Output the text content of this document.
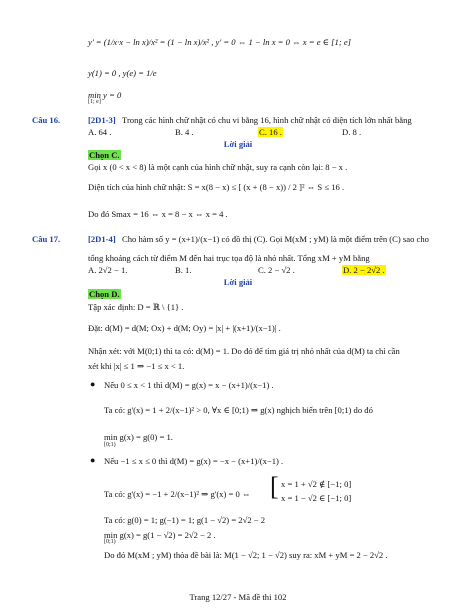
y' = (1/x·x − ln x)/x² = (1 − ln x)/x² , y' = 0 ⇔ 1 − ln x = 0 ⇔ x = e ∈ [1; e]
y(1) = 0 , y(e) = 1/e
min y = 0
[1; e]
Câu 16.	[2D1-3] Trong các hình chữ nhật có chu vi bằng 16, hình chữ nhật có diện tích lớn nhất bằng
A. 64 .	B. 4 .	C. 16 .	D. 8 .
Lời giải
Chọn C.
Gọi x (0 < x < 8) là một cạnh của hình chữ nhật, suy ra cạnh còn lại: 8 − x .
Diện tích của hình chữ nhật: S = x(8 − x) ≤ [ (x + (8 − x)) / 2 ]² ⇔ S ≤ 16 .
Do đó Smax = 16 ⇔ x = 8 − x ⇔ x = 4 .
Câu 17.	[2D1-4] Cho hàm số y = (x+1)/(x−1) có đồ thị (C). Gọi M(xM ; yM) là một điểm trên (C) sao cho
tổng khoảng cách từ điểm M đến hai trục tọa độ là nhỏ nhất. Tổng xM + yM bằng
A. 2√2 − 1.	B. 1.	C. 2 − √2 .	D. 2 − 2√2 .
Lời giải
Chọn D.
Tập xác định: D = ℝ \ {1} .
Đặt: d(M) = d(M; Ox) + d(M; Oy) = |x| + |(x+1)/(x−1)| .
Nhận xét: với M(0;1) thì ta có: d(M) = 1. Do đó để tìm giá trị nhỏ nhất của d(M) ta chỉ cần
xét khi |x| ≤ 1 ⇒ −1 ≤ x < 1.
● Nếu 0 ≤ x < 1 thì d(M) = g(x) = x − (x+1)/(x−1) .
Ta có: g'(x) = 1 + 2/(x−1)² > 0, ∀x ∈ [0;1) ⇒ g(x) nghịch biến trên [0;1) do đó
min g(x) = g(0) = 1.
[0;1)
● Nếu −1 ≤ x ≤ 0 thì d(M) = g(x) = −x − (x+1)/(x−1) .
Ta có: g'(x) = −1 + 2/(x−1)² ⇒ g'(x) = 0 ⇔ [ x = 1 + √2 ∉ [−1; 0]
x = 1 − √2 ∈ [−1; 0]
Ta có: g(0) = 1; g(−1) = 1; g(1 − √2) = 2√2 − 2
min g(x) = g(1 − √2) = 2√2 − 2 .
[0;1)
Do đó M(xM ; yM) thỏa đề bài là: M(1 − √2; 1 − √2) suy ra: xM + yM = 2 − 2√2 .
Trang 12/27 - Mã đề thi 102
